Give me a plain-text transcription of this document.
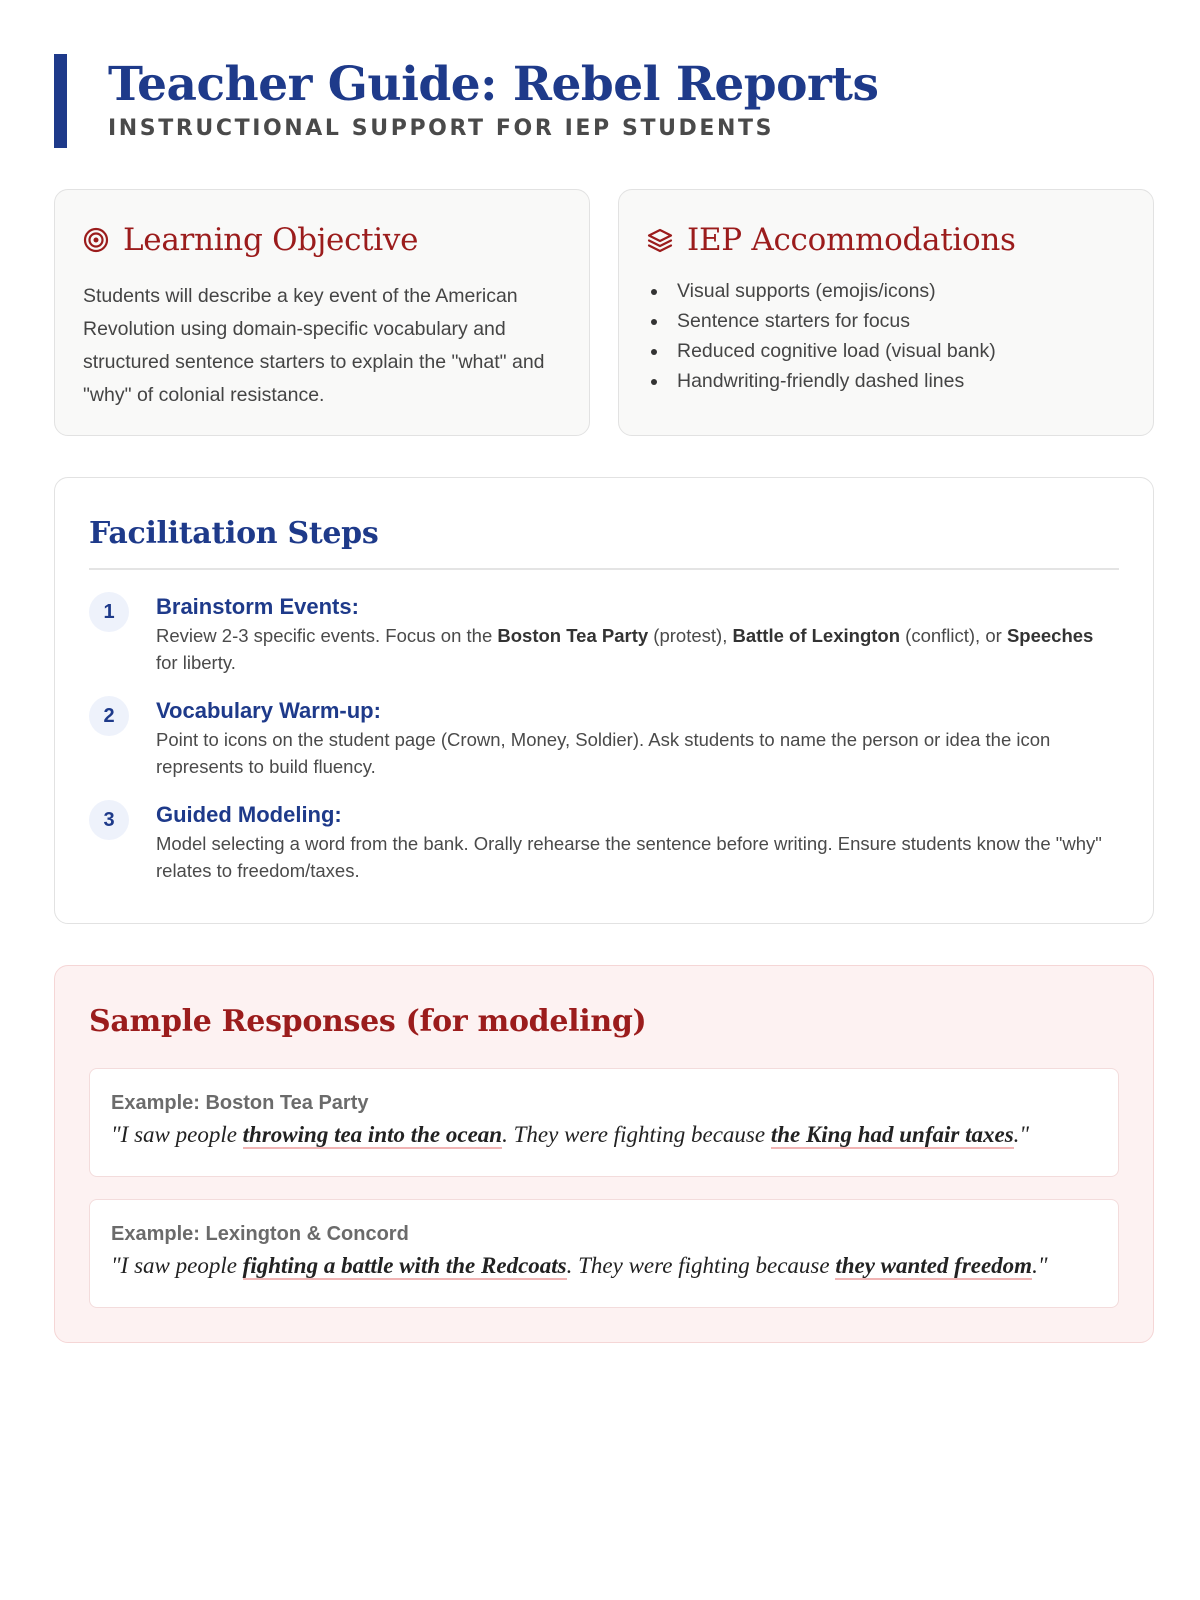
Teacher Guide: Rebel Reports
INSTRUCTIONAL SUPPORT FOR IEP STUDENTS
Learning Objective

Students will describe a key event of the American Revolution using domain-specific vocabulary and structured sentence starters to explain the "what" and "why" of colonial resistance.

IEP Accommodations
Visual supports (emojis/icons)
Sentence starters for focus
Reduced cognitive load (visual bank)
Handwriting-friendly dashed lines
Facilitation Steps
1	Brainstorm Events:
Review 2-3 specific events. Focus on the Boston Tea Party (protest), Battle of Lexington (conflict), or Speeches for liberty.
2	Vocabulary Warm-up:
Point to icons on the student page (Crown, Money, Soldier). Ask students to name the person or idea the icon represents to build fluency.
3	Guided Modeling:
Model selecting a word from the bank. Orally rehearse the sentence before writing. Ensure students know the "why" relates to freedom/taxes.
Sample Responses (for modeling)
Example: Boston Tea Party
"I saw people throwing tea into the ocean. They were fighting because the King had unfair taxes."
Example: Lexington & Concord
"I saw people fighting a battle with the Redcoats. They were fighting because they wanted freedom."
